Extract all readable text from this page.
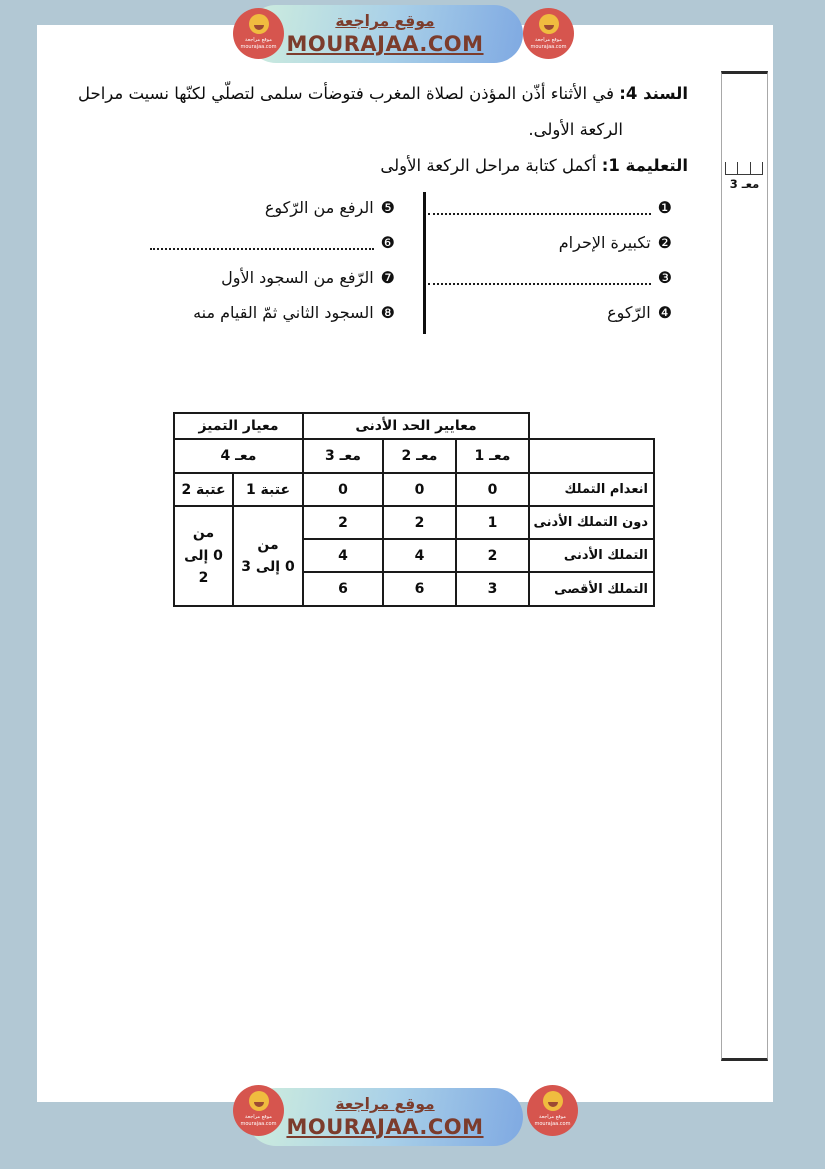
موقع مراجعة
MOURAJAA.COM
موقع مراجعة
mourajaa.com
موقع مراجعة
mourajaa.com
السند 4: في الأثناء أذّن المؤذن لصلاة المغرب فتوضأت سلمى لتصلّي لكنّها نسيت مراحل
الركعة الأولى.
التعليمة 1: أكمل كتابة مراحل الركعة الأولى
❶
❷
تكبيرة الإحرام
❸
❹
الرّكوع
❺
الرفع من الرّكوع
❻
❼
الرّفع من السجود الأول
❽
السجود الثاني ثمّ القيام منه
	معايير الحد الأدنى			معيار التميز	
	معـ 1	معـ 2	معـ 3	معـ 4	
انعدام التملك	0	0	0	عتبة 1	عتبة 2
دون التملك الأدنى	1	2	2	
من
0 إلى 3

من
0 إلى 2

التملك الأدنى	2	4	4		
التملك الأقصى	3	6	6		
معـ 3
موقع مراجعة
MOURAJAA.COM
موقع مراجعة
mourajaa.com
موقع مراجعة
mourajaa.com
